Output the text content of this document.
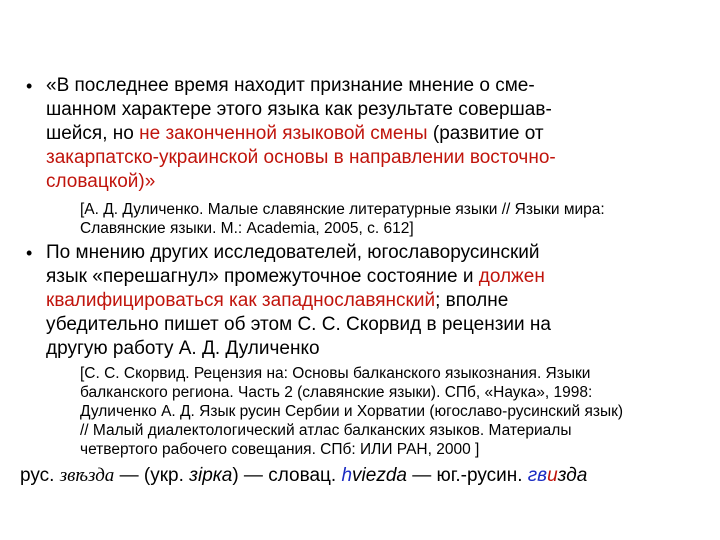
• «В последнее время находит признание мнение о сме-
шанном характере этого языка как результате совершав-
шейся, но не законченной языковой смены (развитие от
закарпатско-украинской основы в направлении восточно-
словацкой)»
[А. Д. Дуличенко. Малые славянские литературные языки // Языки мира:
Славянские языки. М.: Academia, 2005, с. 612]
• По мнению других исследователей, югославорусинский
язык «перешагнул» промежуточное состояние и должен
квалифицироваться как западнославянский; вполне
убедительно пишет об этом С. С. Скорвид в рецензии на
другую работу А. Д. Дуличенко
[С. С. Скорвид. Рецензия на: Основы балканского языкознания. Языки
балканского региона. Часть 2 (славянские языки). СПб, «Наука», 1998:
Дуличенко А. Д. Язык русин Сербии и Хорватии (югославо-русинский язык)
// Малый диалектологический атлас балканских языков. Материалы
четвертого рабочего совещания. СПб: ИЛИ РАН, 2000 ]
рус. звѣзда — (укр. зірка) — словац. hviezda — юг.-русин. гвизда
